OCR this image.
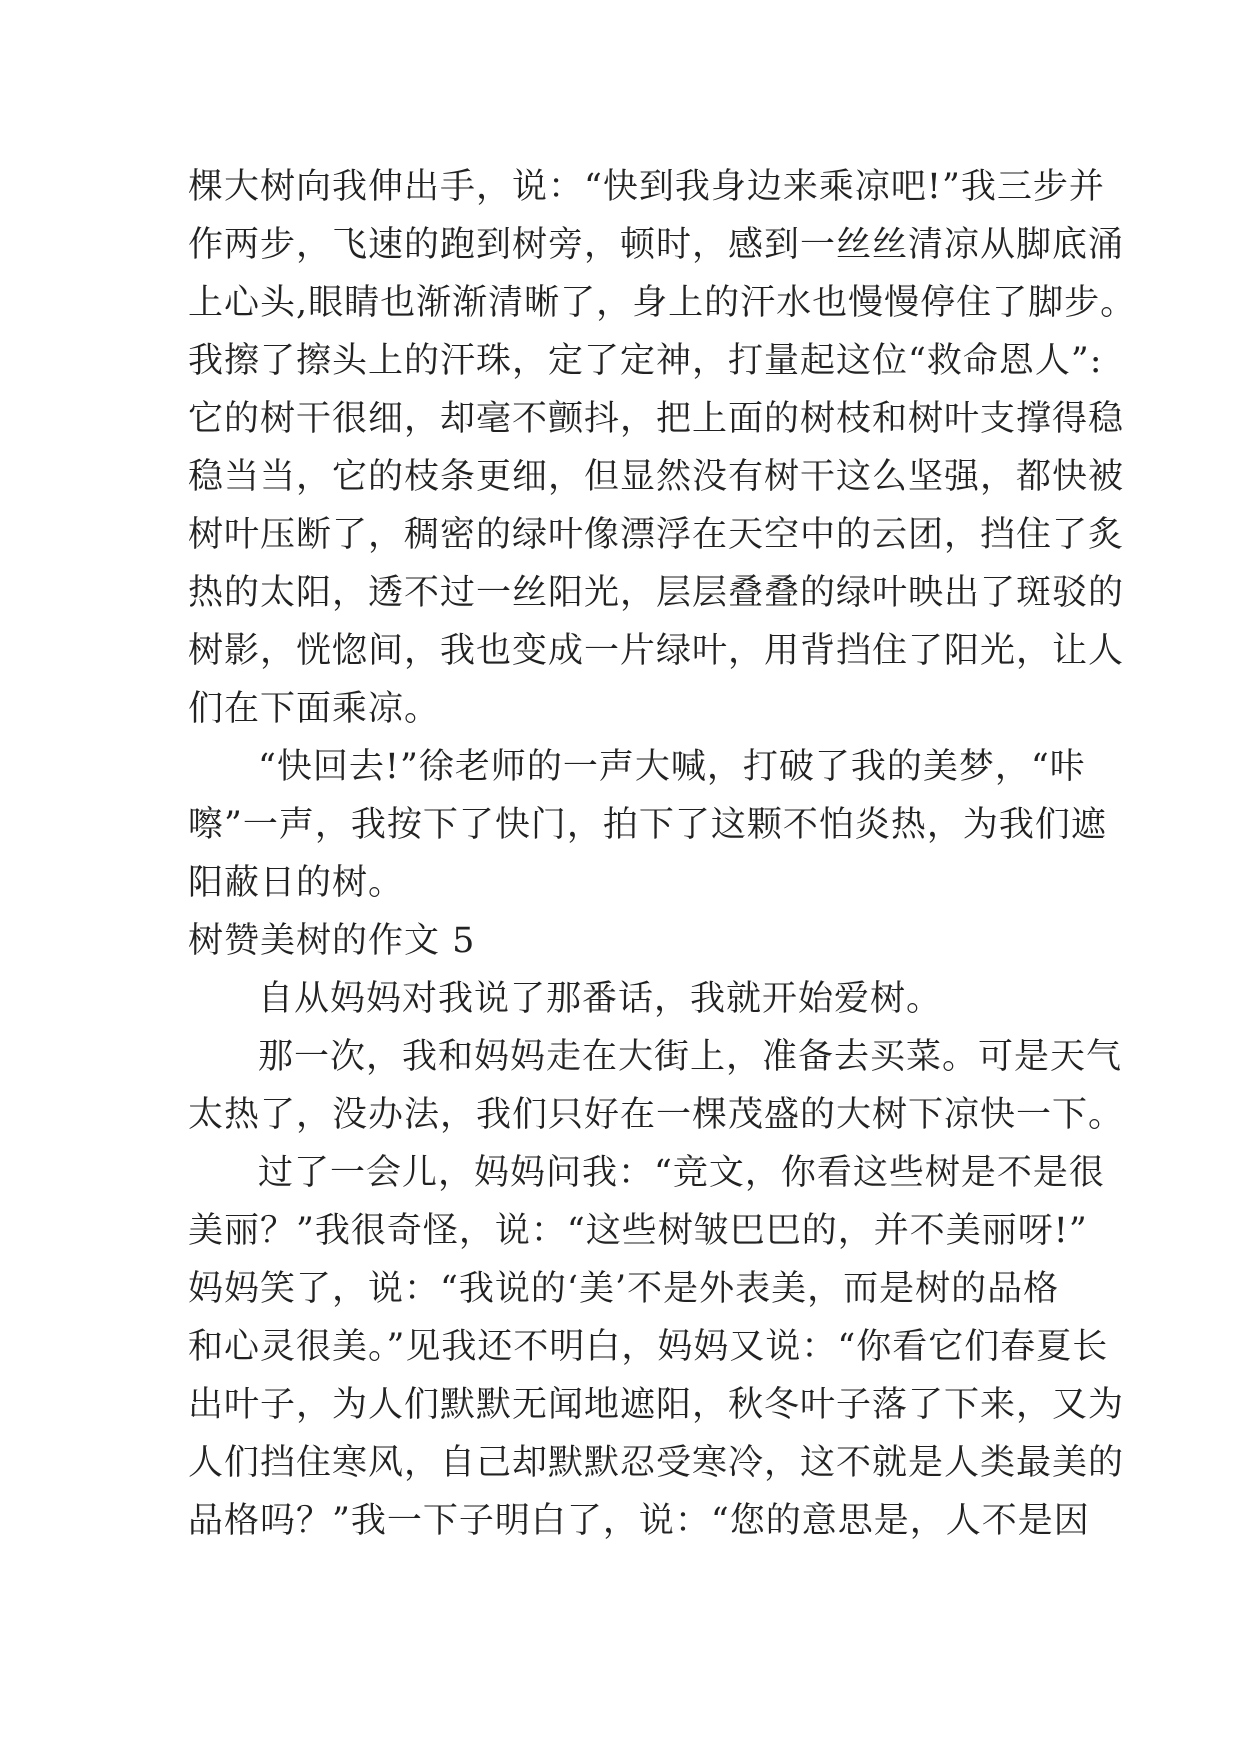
棵大树向我伸出手，说：“快到我身边来乘凉吧!”我三步并
作两步，飞速的跑到树旁，顿时，感到一丝丝清凉从脚底涌
上心头,眼睛也渐渐清晰了，身上的汗水也慢慢停住了脚步。
我擦了擦头上的汗珠，定了定神，打量起这位“救命恩人”:
它的树干很细，却毫不颤抖，把上面的树枝和树叶支撑得稳
稳当当，它的枝条更细，但显然没有树干这么坚强，都快被
树叶压断了，稠密的绿叶像漂浮在天空中的云团，挡住了炙
热的太阳，透不过一丝阳光，层层叠叠的绿叶映出了斑驳的
树影，恍惚间，我也变成一片绿叶，用背挡住了阳光，让人
们在下面乘凉。
“快回去!”徐老师的一声大喊，打破了我的美梦，“咔
嚓”一声，我按下了快门，拍下了这颗不怕炎热，为我们遮
阳蔽日的树。
树赞美树的作文 5
自从妈妈对我说了那番话，我就开始爱树。
那一次，我和妈妈走在大街上，准备去买菜。可是天气
太热了，没办法，我们只好在一棵茂盛的大树下凉快一下。
过了一会儿，妈妈问我：“竞文，你看这些树是不是很
美丽？”我很奇怪，说：“这些树皱巴巴的，并不美丽呀!”
妈妈笑了，说：“我说的‘美’不是外表美，而是树的品格
和心灵很美。”见我还不明白，妈妈又说：“你看它们春夏长
出叶子，为人们默默无闻地遮阳，秋冬叶子落了下来，又为
人们挡住寒风，自己却默默忍受寒冷，这不就是人类最美的
品格吗？”我一下子明白了，说：“您的意思是，人不是因
